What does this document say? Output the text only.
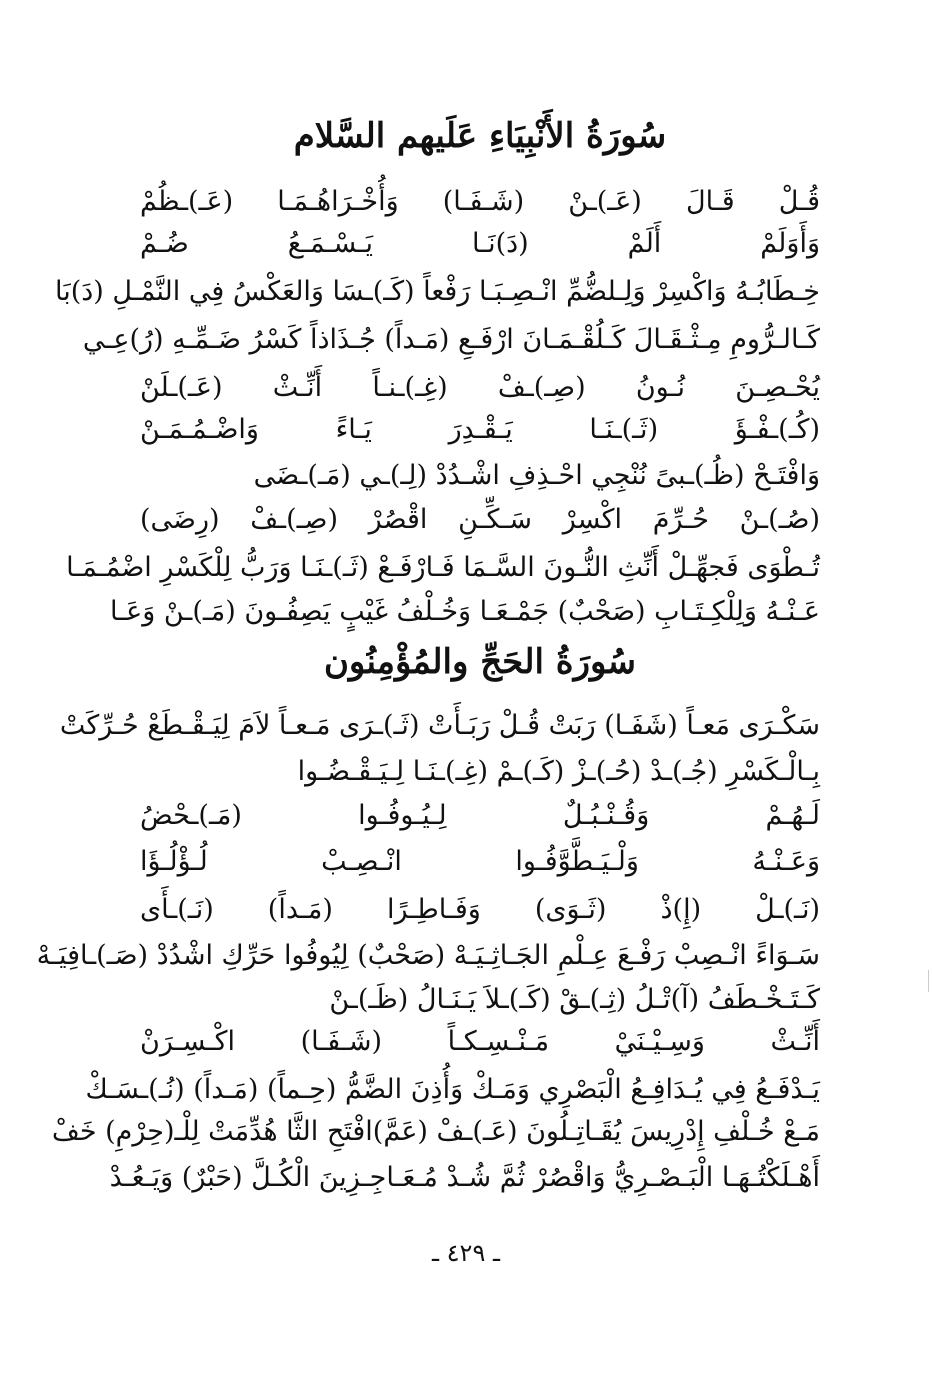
سُورَةُ الأَنْبِيَاءِ عَلَيهم السَّلام
قُـلْ قَـالَ (عَـ)ـنْ (شَـفَـا) وَأُخْـرَاهُـمَـا (عَـ)ـظُمْ
وَأَوَلَمْ أَلَمْ (دَ)نَـا يَـسْـمَـعُ ضُـمْ
خِـطَابُـهُ وَاكْسِرْ وَلِـلضُّمِّ انْـصِـبَـا رَفْعاً (كَـ)ـسَا وَالعَكْسُ فِي النَّمْـلِ (دَ)بَا
كَـالـرُّومِ مِـثْـقَـالَ كَـلُقْـمَـانَ ارْفَـعِ (مَـداً) جُـذَاذاً كَسْرُ ضَـمِّـهِ (رُ)عِـي
يُحْـصِـنَ نُـونُ (صِـ)ـفْ (غِـ)ـنـاً أَنِّـثْ (عَـ)ـلَنْ
(كُـ)ـفْـؤَ (ثَـ)ـنَـا يَـقْـدِرَ يَـاءً وَاضْـمُـمَـنْ
وَافْتَـحْ (ظُـ)ـبىً نُنْجِي احْـذِفِ اشْـدُدْ (لِـ)ـي (مَـ)ـضَى
(صُـ)ـنْ حُـرِّمَ اكْسِرْ سَـكِّـنِ اقْصُرْ (صِـ)ـفْ (رِضَى)
تُـطْوَى فَجهِّـلْ أَنِّثِ النُّـونَ السَّـمَا فَـارْفَـعْ (ثَـ)ـنَـا وَرَبُّ لِلْكَسْرِ اضْمُـمَـا
عَـنْـهُ وَلِلْكِـتَـابِ (صَحْبٌ) جَمْـعَـا وَخُـلْفُ غَيْبٍ يَصِفُـونَ (مَـ)ـنْ وَعَـا
سُورَةُ الحَجِّ والمُؤْمِنُون
سَكْـرَى مَعـاً (شَفَـا) رَبَتْ قُـلْ رَبَـأَتْ (ثَـ)ـرَى مَـعـاً لاَمَ لِيَـقْـطَعْ حُـرِّكَتْ
بِـالْـكَسْرِ (جُـ)ـدْ (حُـ)ـزْ (كَـ)ـمْ (غِـ)ـنَـا لِـيَـقْـضُـوا
لَـهُـمْ وَقُـنْـبُـلٌ لِـيُـوفُـوا (مَـ)ـحْضُ
وَعَـنْـهُ وَلْـيَـطَّوَّفُـوا انْـصِـبْ لُـؤْلُـؤَا
(نَـ)ـلْ (إِ)ذْ (ثَـوَى) وَفَـاطِـرًا (مَـداً) (نَـ)ـأَى
سَـوَاءً انْـصِبْ رَفْـعَ عِـلْمِ الجَـاثِـيَـهْ (صَحْبٌ) لِيُوفُوا حَرِّكِ اشْدُدْ (صَـ)ـافِيَـهْ
كَـتَـخْـطَفُ (آ)تْـلُ (ثِـ)ـقْ (كَـ)ـلاَ يَـنَـالُ (ظَـ)ـنْ
أَنِّـثْ وَسِـيْـنَيْ مَـنْـسِـكـاً (شَـفَـا) اكْـسِـرَنْ
يَـدْفَـعُ فِي يُـدَافِـعُ الْبَصْرِي وَمَـكْ وَأُذِنَ الضَّمُّ (حِـماً) (مَـداً) (نُـ)ـسَـكْ
مَـعْ خُـلْفِ إِدْرِيسَ يُقَـاتِـلُونَ (عَـ)ـفْ (عَمَّ)افْتَحِ الثَّا هُدِّمَتْ لِلْـ(حِرْمِ) خَفْ
أَهْـلَكْتُـهَـا الْبَـصْـرِيُّ وَاقْصُرْ ثُمَّ شُـدْ مُـعَـاجِـزِينَ الْكُـلَّ (حَبْرٌ) وَيَـعُـدْ
ـ ٤٢٩ ـ
